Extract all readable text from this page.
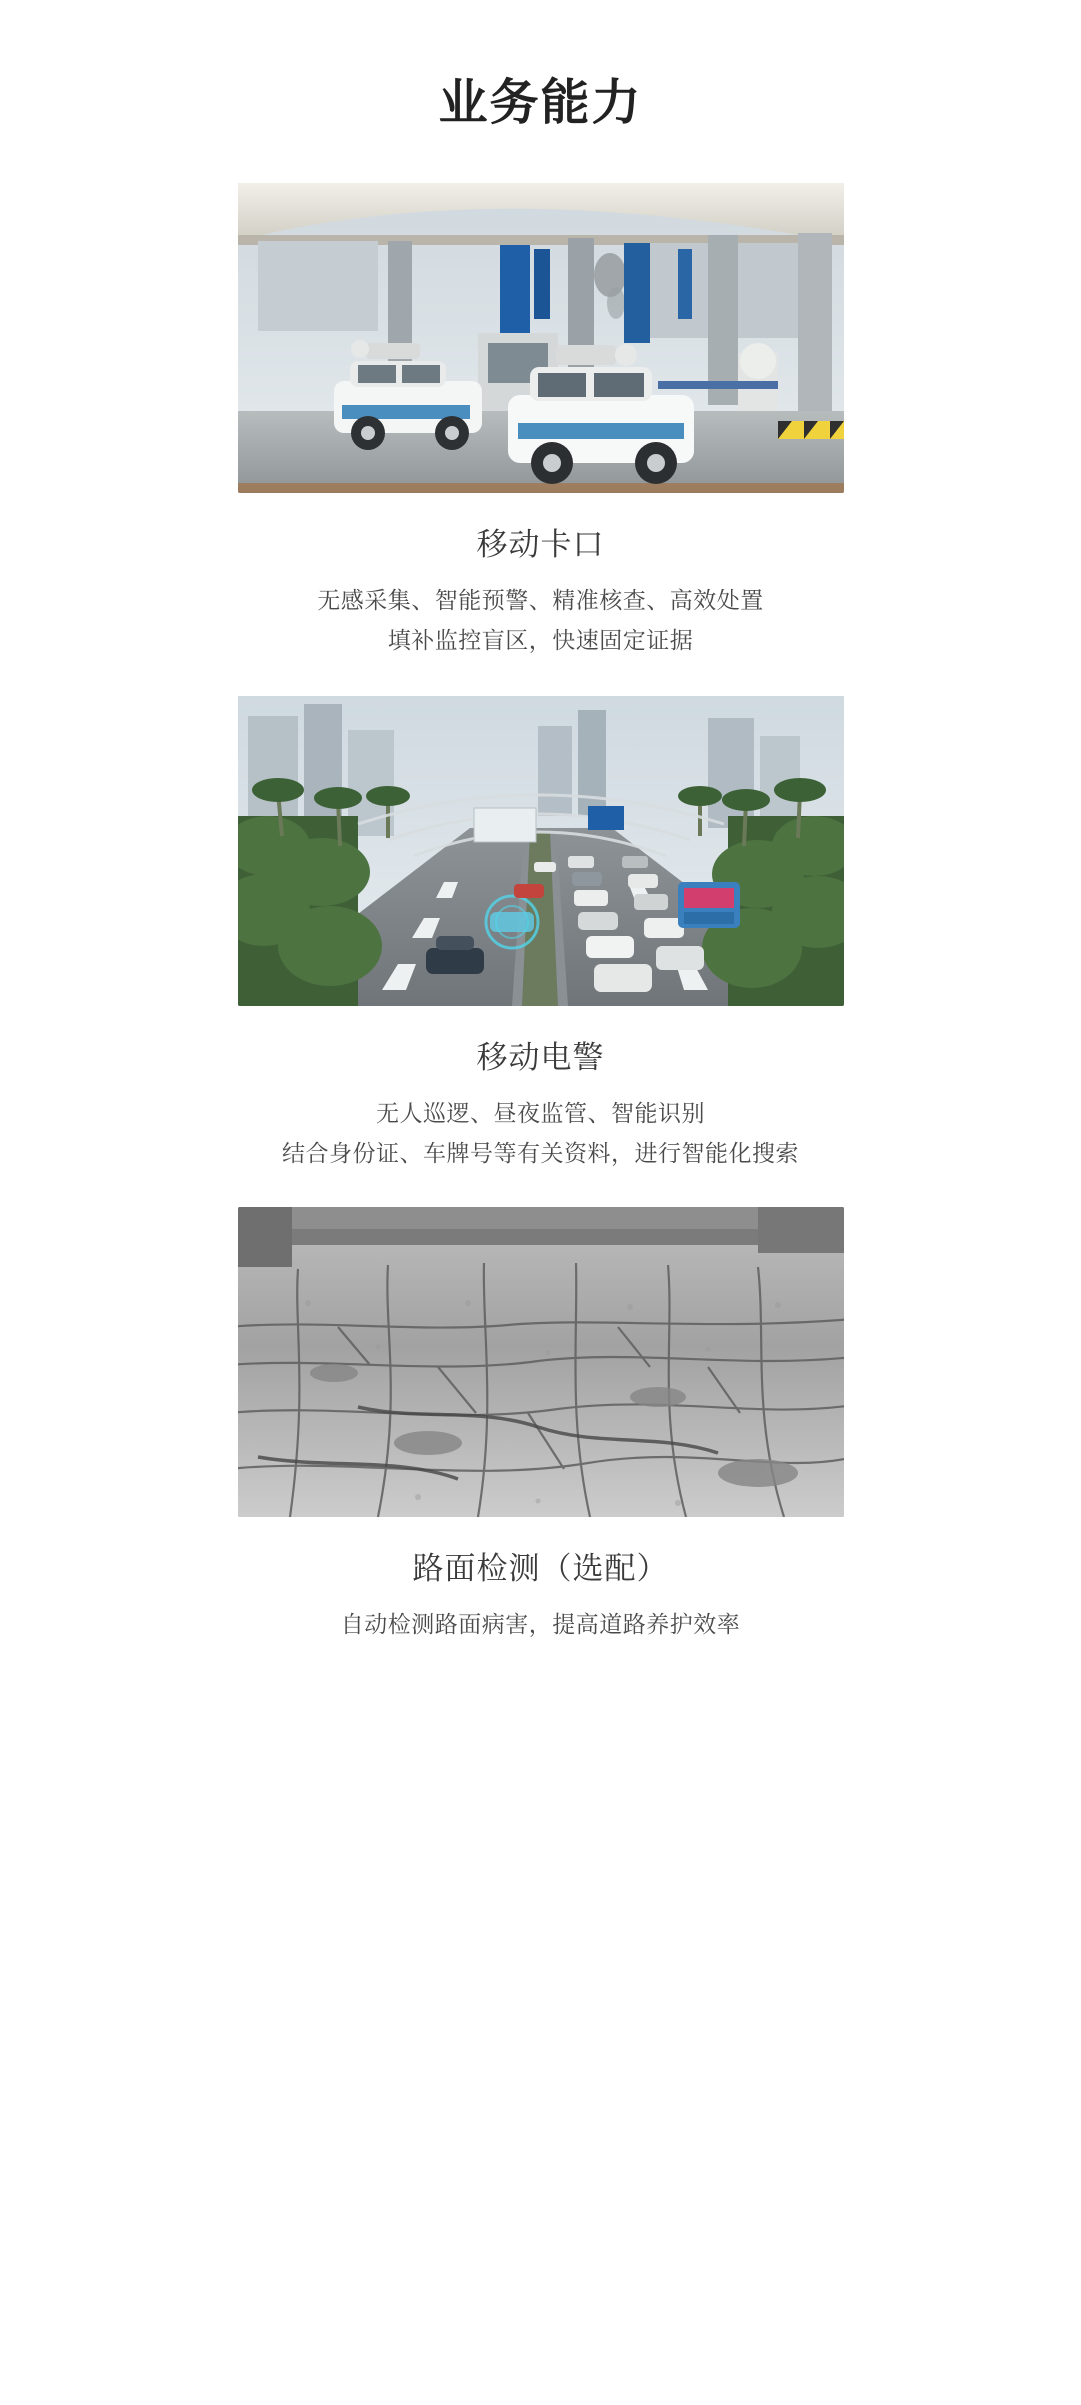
业务能力
移动卡口
无感采集、智能预警、精准核查、高效处置
填补监控盲区，快速固定证据
移动电警
无人巡逻、昼夜监管、智能识别
结合身份证、车牌号等有关资料，进行智能化搜索
路面检测（选配）
自动检测路面病害，提高道路养护效率
